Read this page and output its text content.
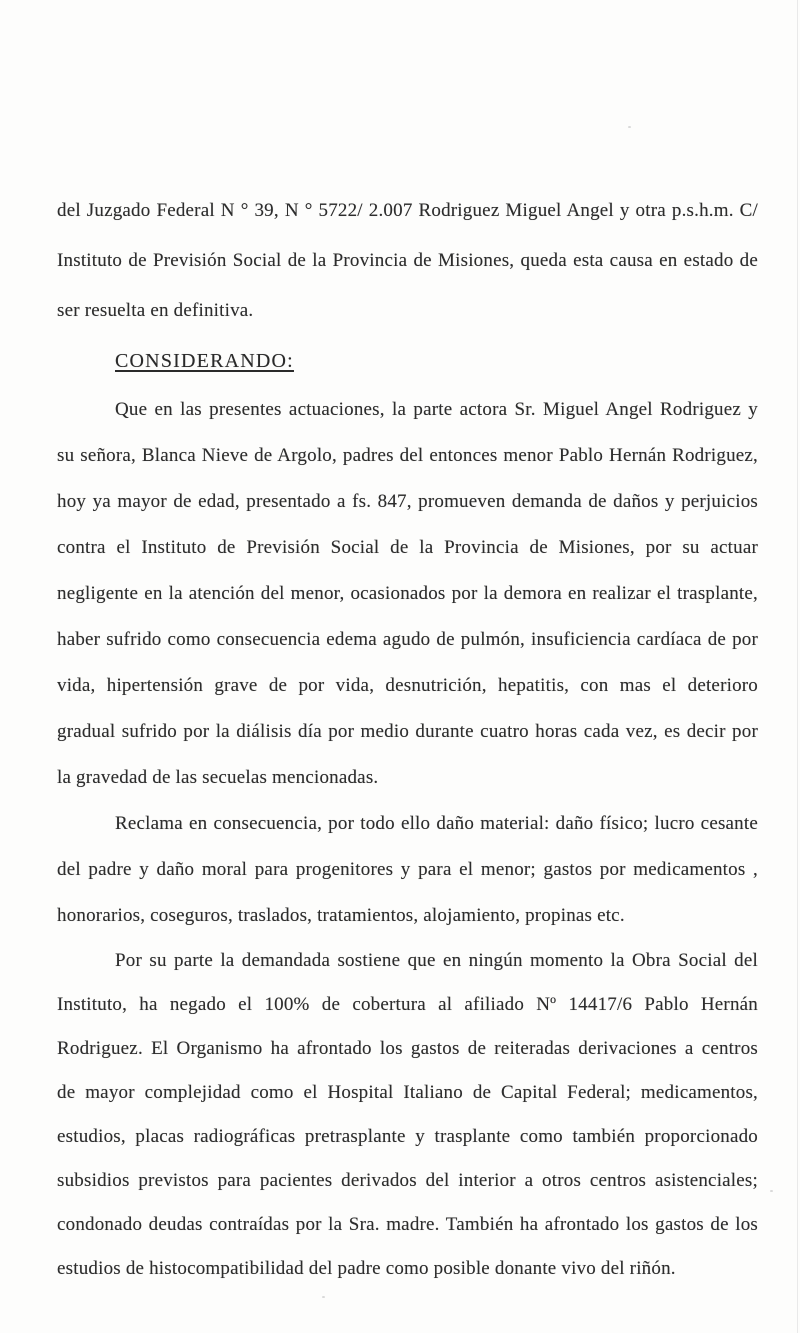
del Juzgado Federal N ° 39, N ° 5722/ 2.007 Rodriguez Miguel Angel y otra p.s.h.m. C/
Instituto de Previsión Social de la Provincia de Misiones, queda esta causa en estado de
ser resuelta en definitiva.
CONSIDERANDO:
Que en las presentes actuaciones, la parte actora Sr. Miguel Angel Rodriguez y
su señora, Blanca Nieve de Argolo, padres del entonces menor Pablo Hernán Rodriguez,
hoy ya mayor de edad, presentado a fs. 847, promueven demanda de daños y perjuicios
contra el Instituto de Previsión Social de la Provincia de Misiones, por su actuar
negligente en la atención del menor, ocasionados por la demora en realizar el trasplante,
haber sufrido como consecuencia edema agudo de pulmón, insuficiencia cardíaca de por
vida, hipertensión grave de por vida, desnutrición, hepatitis, con mas el deterioro
gradual sufrido por la diálisis día por medio durante cuatro horas cada vez, es decir por
la gravedad de las secuelas mencionadas.
Reclama en consecuencia, por todo ello daño material: daño físico; lucro cesante
del padre y daño moral para progenitores y para el menor; gastos por medicamentos ,
honorarios, coseguros, traslados, tratamientos, alojamiento, propinas etc.
Por su parte la demandada sostiene que en ningún momento la Obra Social del
Instituto, ha negado el 100% de cobertura al afiliado Nº 14417/6 Pablo Hernán
Rodriguez. El Organismo ha afrontado los gastos de reiteradas derivaciones a centros
de mayor complejidad como el Hospital Italiano de Capital Federal; medicamentos,
estudios, placas radiográficas pretrasplante y trasplante como también proporcionado
subsidios previstos para pacientes derivados del interior a otros centros asistenciales;
condonado deudas contraídas por la Sra. madre. También ha afrontado los gastos de los
estudios de histocompatibilidad del padre como posible donante vivo del riñón.
